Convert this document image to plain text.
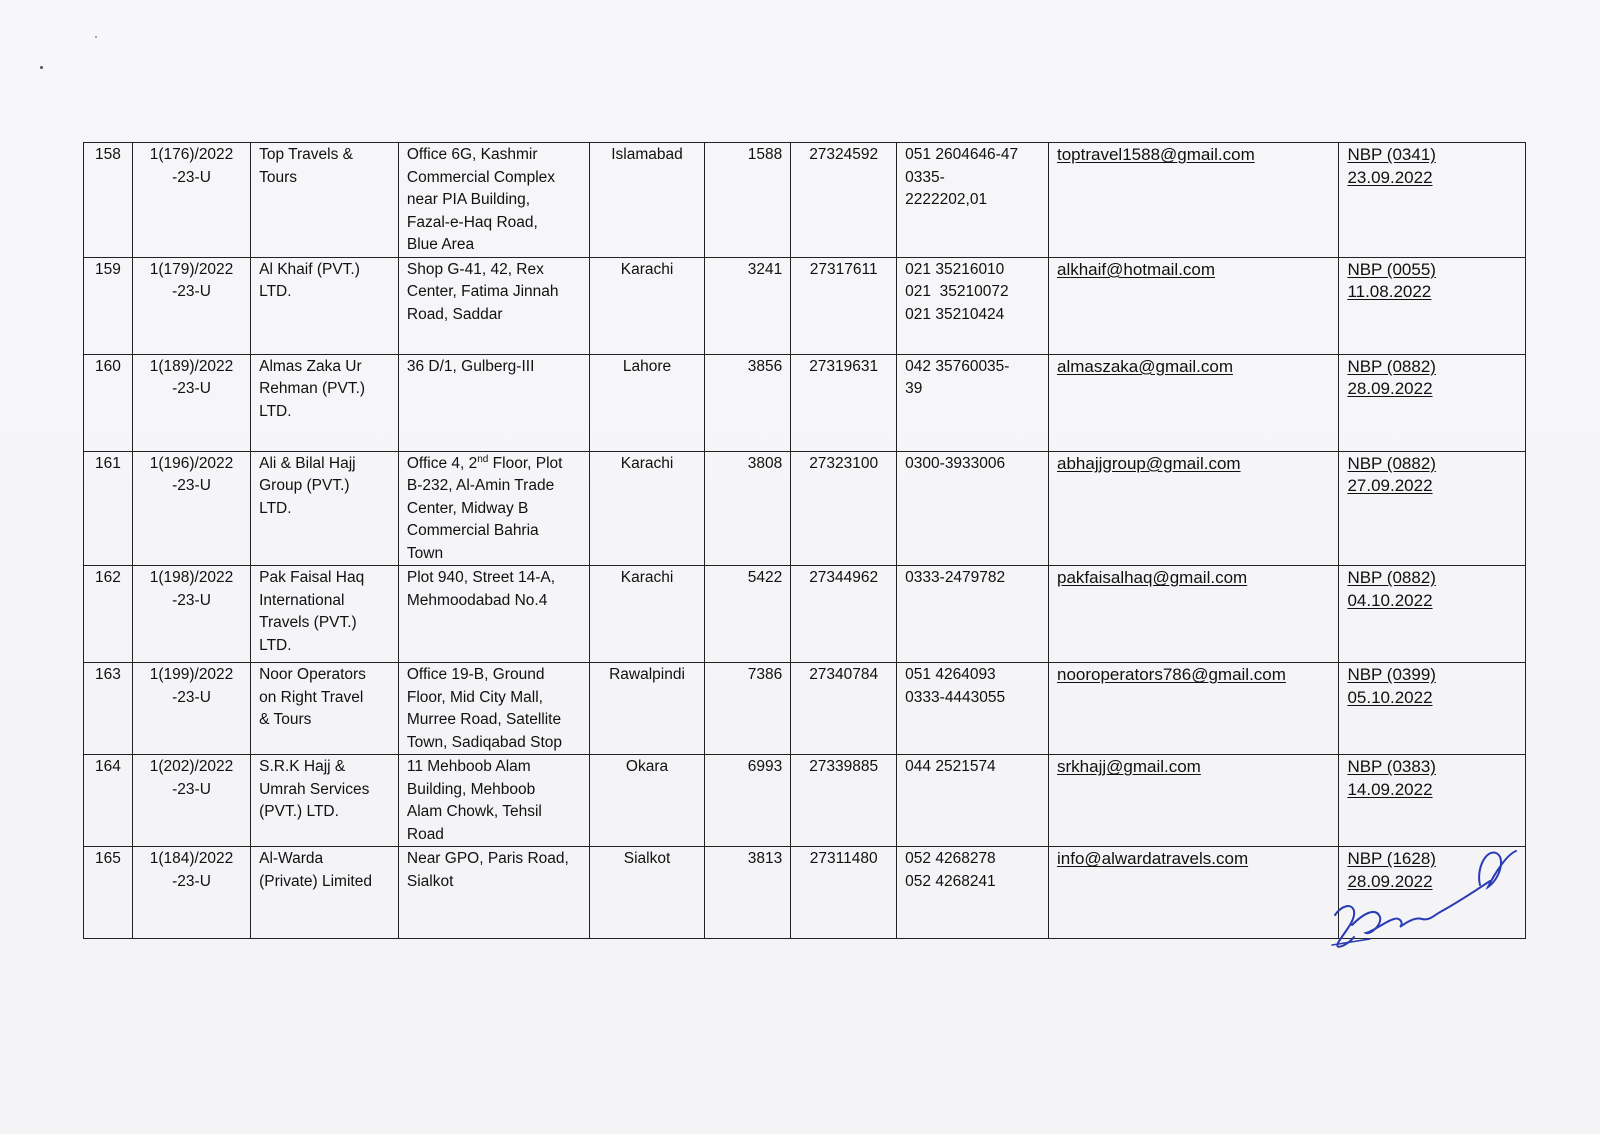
158	1(176)/2022
-23-U	Top Travels &
Tours	Office 6G, Kashmir
Commercial Complex
near PIA Building,
Fazal-e-Haq Road,
Blue Area	Islamabad	1588	27324592	051 2604646-47
0335-
2222202,01	toptravel1588@gmail.com	NBP (0341)
23.09.2022

159	1(179)/2022
-23-U	Al Khaif (PVT.)
LTD.	Shop G-41, 42, Rex
Center, Fatima Jinnah
Road, Saddar	Karachi	3241	27317611	021 35216010
021  35210072
021 35210424	alkhaif@hotmail.com	NBP (0055)
11.08.2022

160	1(189)/2022
-23-U	Almas Zaka Ur
Rehman (PVT.)
LTD.	36 D/1, Gulberg-III	Lahore	3856	27319631	042 35760035-
39	almaszaka@gmail.com	NBP (0882)
28.09.2022

161	1(196)/2022
-23-U	Ali & Bilal Hajj
Group (PVT.)
LTD.	Office 4, 2nd Floor, Plot
B-232, Al-Amin Trade
Center, Midway B
Commercial Bahria
Town	Karachi	3808	27323100	0300-3933006	abhajjgroup@gmail.com	NBP (0882)
27.09.2022

162	1(198)/2022
-23-U	Pak Faisal Haq
International
Travels (PVT.)
LTD.	Plot 940, Street 14-A,
Mehmoodabad No.4	Karachi	5422	27344962	0333-2479782	pakfaisalhaq@gmail.com	NBP (0882)
04.10.2022

163	1(199)/2022
-23-U	Noor Operators
on Right Travel
& Tours	Office 19-B, Ground
Floor, Mid City Mall,
Murree Road, Satellite
Town, Sadiqabad Stop	Rawalpindi	7386	27340784	051 4264093
0333-4443055	nooroperators786@gmail.com	NBP (0399)
05.10.2022

164	1(202)/2022
-23-U	S.R.K Hajj &
Umrah Services
(PVT.) LTD.	11 Mehboob Alam
Building, Mehboob
Alam Chowk, Tehsil
Road	Okara	6993	27339885	044 2521574	srkhajj@gmail.com	NBP (0383)
14.09.2022

165	1(184)/2022
-23-U	Al-Warda
(Private) Limited	Near GPO, Paris Road,
Sialkot	Sialkot	3813	27311480	052 4268278
052 4268241	info@alwardatravels.com	NBP (1628)
28.09.2022
